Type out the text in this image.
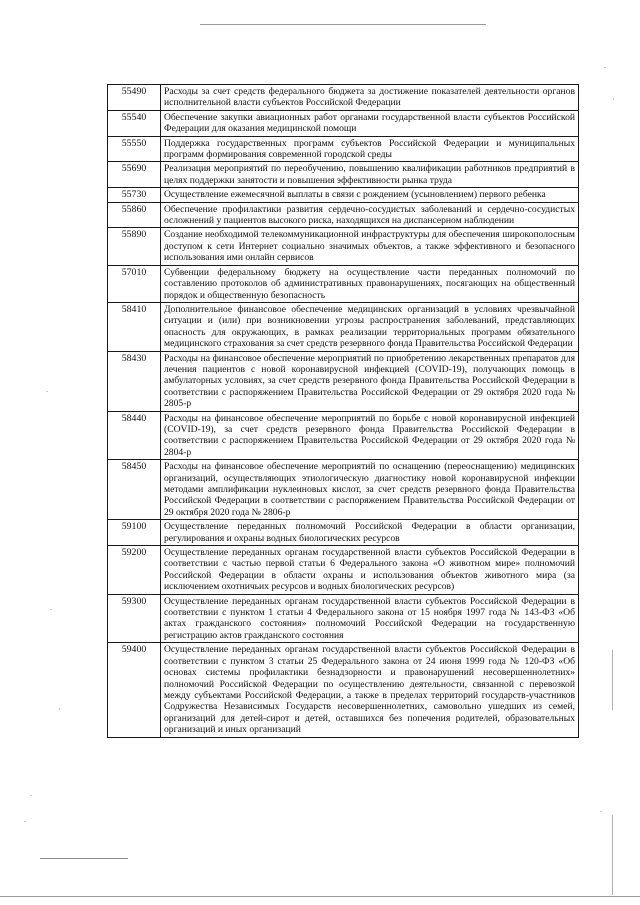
.
·
.
.
·
.
.
.
55490	Расходы за счет средств федерального бюджета за достижение показателей деятельности органов исполнительной власти субъектов Российской Федерации
55540	Обеспечение закупки авиационных работ органами государственной власти субъектов Российской Федерации для оказания медицинской помощи
55550	Поддержка государственных программ субъектов Российской Федерации и муниципальных программ формирования современной городской среды
55690	Реализация мероприятий по переобучению, повышению квалификации работников предприятий в целях поддержки занятости и повышения эффективности рынка труда
55730	Осуществление ежемесячной выплаты в связи с рождением (усыновлением) первого ребенка
55860	Обеспечение профилактики развития сердечно-сосудистых заболеваний и сердечно-сосудистых осложнений у пациентов высокого риска, находящихся на диспансерном наблюдении
55890	Создание необходимой телекоммуникационной инфраструктуры для обеспечения широкополосным доступом к сети Интернет социально значимых объектов, а также эффективного и безопасного использования ими онлайн сервисов
57010	Субвенции федеральному бюджету на осуществление части переданных полномочий по составлению протоколов об административных правонарушениях, посягающих на общественный порядок и общественную безопасность
58410	Дополнительное финансовое обеспечение медицинских организаций в условиях чрезвычайной ситуации и (или) при возникновении угрозы распространения заболеваний, представляющих опасность для окружающих, в рамках реализации территориальных программ обязательного медицинского страхования за счет средств резервного фонда Правительства Российской Федерации
58430	Расходы на финансовое обеспечение мероприятий по приобретению лекарственных препаратов для лечения пациентов с новой коронавирусной инфекцией (COVID-19), получающих помощь в амбулаторных условиях, за счет средств резервного фонда Правительства Российской Федерации в соответствии с распоряжением Правительства Российской Федерации от 29 октября 2020 года № 2805-р
58440	Расходы на финансовое обеспечение мероприятий по борьбе с новой коронавирусной инфекцией (COVID-19), за счет средств резервного фонда Правительства Российской Федерации в соответствии с распоряжением Правительства Российской Федерации от 29 октября 2020 года № 2804-р
58450	Расходы на финансовое обеспечение мероприятий по оснащению (переоснащению) медицинских организаций, осуществляющих этиологическую диагностику новой коронавирусной инфекции методами амплификации нуклеиновых кислот, за счет средств резервного фонда Правительства Российской Федерации в соответствии с распоряжением Правительства Российской Федерации от 29 октября 2020 года № 2806-р
59100	Осуществление переданных полномочий Российской Федерации в области организации, регулирования и охраны водных биологических ресурсов
59200	Осуществление переданных органам государственной власти субъектов Российской Федерации в соответствии с частью первой статьи 6 Федерального закона «О животном мире» полномочий Российской Федерации в области охраны и использования объектов животного мира (за исключением охотничьих ресурсов и водных биологических ресурсов)
59300	Осуществление переданных органам государственной власти субъектов Российской Федерации в соответствии с пунктом 1 статьи 4 Федерального закона от 15 ноября 1997 года № 143-ФЗ «Об актах гражданского состояния» полномочий Российской Федерации на государственную регистрацию актов гражданского состояния
59400	Осуществление переданных органам государственной власти субъектов Российской Федерации в соответствии с пунктом 3 статьи 25 Федерального закона от 24 июня 1999 года № 120-ФЗ «Об основах системы профилактики безнадзорности и правонарушений несовершеннолетних» полномочий Российской Федерации по осуществлению деятельности, связанной с перевозкой между субъектами Российской Федерации, а также в пределах территорий государств-участников Содружества Независимых Государств несовершеннолетних, самовольно ушедших из семей, организаций для детей-сирот и детей, оставшихся без попечения родителей, образовательных организаций и иных организаций
